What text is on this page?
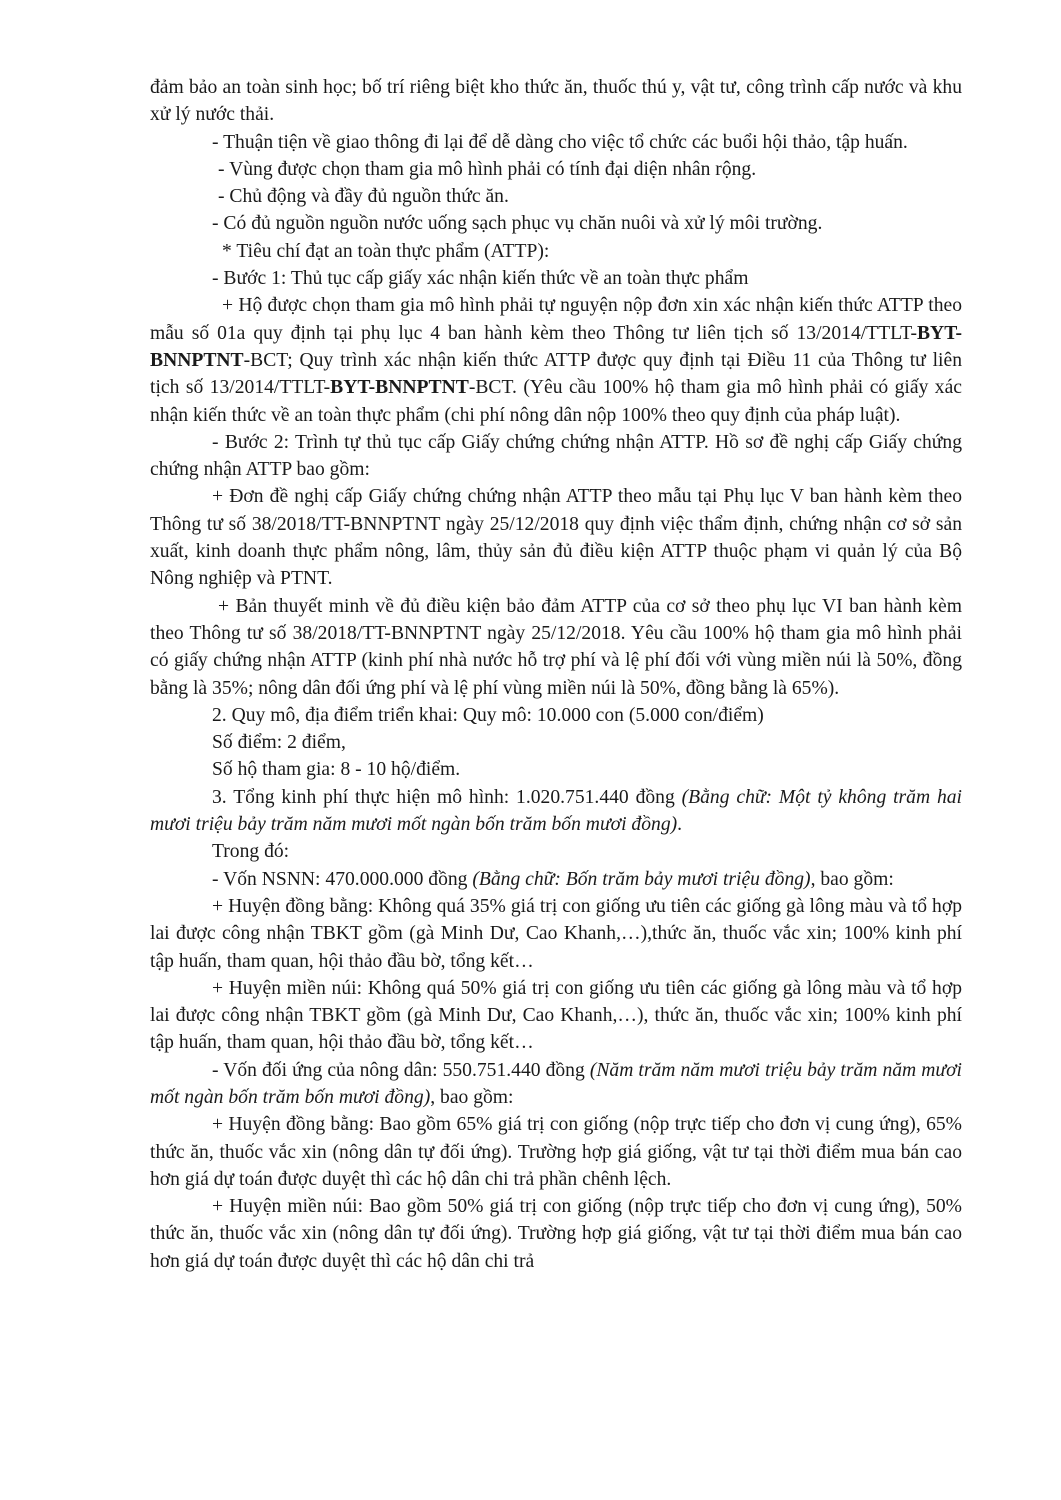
đảm bảo an toàn sinh học; bố trí riêng biệt kho thức ăn, thuốc thú y, vật tư, công trình cấp nước và khu xử lý nước thải.

- Thuận tiện về giao thông đi lại để dễ dàng cho việc tổ chức các buổi hội thảo, tập huấn.

- Vùng được chọn tham gia mô hình phải có tính đại diện nhân rộng.

- Chủ động và đầy đủ nguồn thức ăn.

- Có đủ nguồn nguồn nước uống sạch phục vụ chăn nuôi và xử lý môi trường.

* Tiêu chí đạt an toàn thực phẩm (ATTP):

- Bước 1: Thủ tục cấp giấy xác nhận kiến thức về an toàn thực phẩm

+ Hộ được chọn tham gia mô hình phải tự nguyện nộp đơn xin xác nhận kiến thức ATTP theo mẫu số 01a quy định tại phụ lục 4 ban hành kèm theo Thông tư liên tịch số 13/2014/TTLT-BYT-BNNPTNT-BCT; Quy trình xác nhận kiến thức ATTP được quy định tại Điều 11 của Thông tư liên tịch số 13/2014/TTLT-BYT-BNNPTNT-BCT. (Yêu cầu 100% hộ tham gia mô hình phải có giấy xác nhận kiến thức về an toàn thực phẩm (chi phí nông dân nộp 100% theo quy định của pháp luật).

- Bước 2: Trình tự thủ tục cấp Giấy chứng chứng nhận ATTP. Hồ sơ đề nghị cấp Giấy chứng chứng nhận ATTP bao gồm:

+ Đơn đề nghị cấp Giấy chứng chứng nhận ATTP theo mẫu tại Phụ lục V ban hành kèm theo Thông tư số 38/2018/TT-BNNPTNT ngày 25/12/2018 quy định việc thẩm định, chứng nhận cơ sở sản xuất, kinh doanh thực phẩm nông, lâm, thủy sản đủ điều kiện ATTP thuộc phạm vi quản lý của Bộ Nông nghiệp và PTNT.

+ Bản thuyết minh về đủ điều kiện bảo đảm ATTP của cơ sở theo phụ lục VI ban hành kèm theo Thông tư số 38/2018/TT-BNNPTNT ngày 25/12/2018. Yêu cầu 100% hộ tham gia mô hình phải có giấy chứng nhận ATTP (kinh phí nhà nước hỗ trợ phí và lệ phí đối với vùng miền núi là 50%, đồng bằng là 35%; nông dân đối ứng phí và lệ phí vùng miền núi là 50%, đồng bằng là 65%).

2. Quy mô, địa điểm triển khai: Quy mô: 10.000 con (5.000 con/điểm)

Số điểm: 2 điểm,

Số hộ tham gia: 8 - 10 hộ/điểm.

3. Tổng kinh phí thực hiện mô hình: 1.020.751.440 đồng (Bằng chữ: Một tỷ không trăm hai mươi triệu bảy trăm năm mươi mốt ngàn bốn trăm bốn mươi đồng).

Trong đó:

- Vốn NSNN: 470.000.000 đồng (Bằng chữ: Bốn trăm bảy mươi triệu đồng), bao gồm:

+ Huyện đồng bằng: Không quá 35% giá trị con giống ưu tiên các giống gà lông màu và tổ hợp lai được công nhận TBKT gồm (gà Minh Dư, Cao Khanh,…),thức ăn, thuốc vắc xin; 100% kinh phí tập huấn, tham quan, hội thảo đầu bờ, tổng kết…

+ Huyện miền núi: Không quá 50% giá trị con giống ưu tiên các giống gà lông màu và tổ hợp lai được công nhận TBKT gồm (gà Minh Dư, Cao Khanh,…), thức ăn, thuốc vắc xin; 100% kinh phí tập huấn, tham quan, hội thảo đầu bờ, tổng kết…

- Vốn đối ứng của nông dân: 550.751.440 đồng (Năm trăm năm mươi triệu bảy trăm năm mươi mốt ngàn bốn trăm bốn mươi đồng), bao gồm:

+ Huyện đồng bằng: Bao gồm 65% giá trị con giống (nộp trực tiếp cho đơn vị cung ứng), 65% thức ăn, thuốc vắc xin (nông dân tự đối ứng). Trường hợp giá giống, vật tư tại thời điểm mua bán cao hơn giá dự toán được duyệt thì các hộ dân chi trả phần chênh lệch.

+ Huyện miền núi: Bao gồm 50% giá trị con giống (nộp trực tiếp cho đơn vị cung ứng), 50% thức ăn, thuốc vắc xin (nông dân tự đối ứng). Trường hợp giá giống, vật tư tại thời điểm mua bán cao hơn giá dự toán được duyệt thì các hộ dân chi trả
